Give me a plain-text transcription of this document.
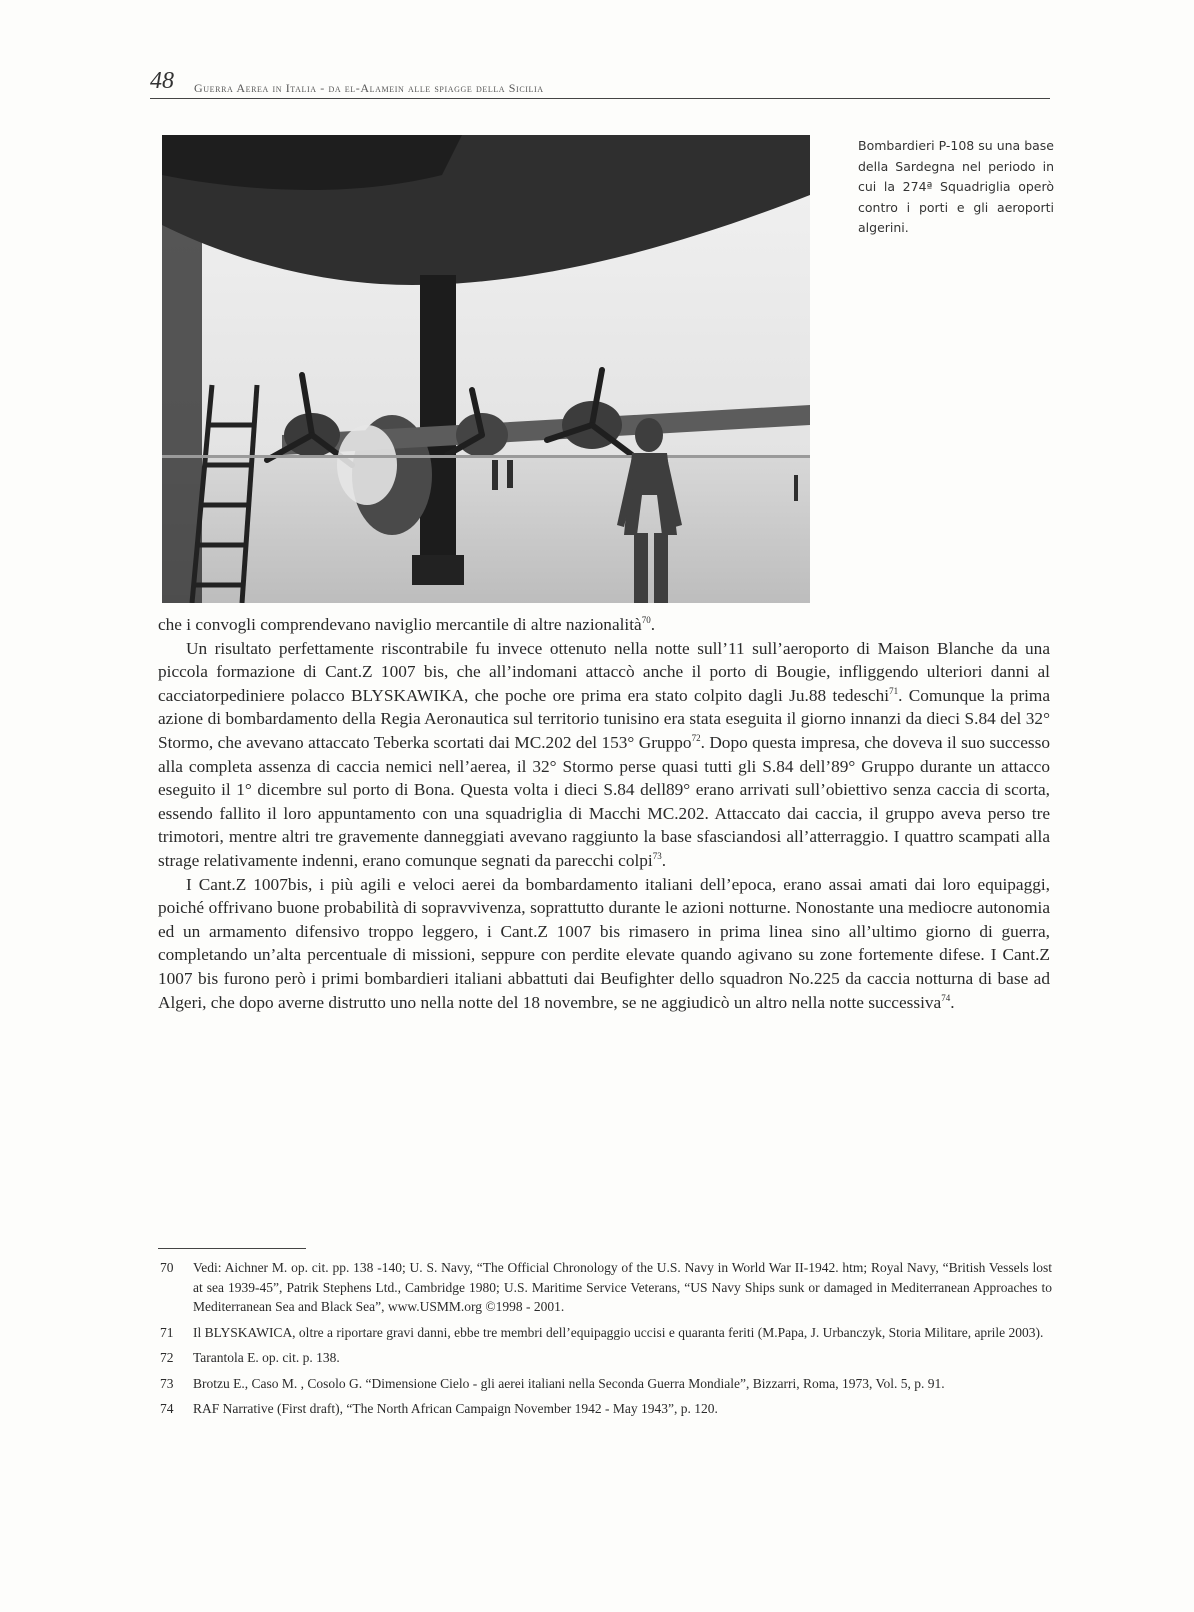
48 Guerra Aerea in Italia - da el-Alamein alle spiagge della Sicilia
Bombardieri P-108 su una base della Sardegna nel periodo in cui la 274ª Squadriglia operò contro i porti e gli aeroporti algerini.

che i convogli comprendevano naviglio mercantile di altre nazionalità$^{70}$.

Un risultato perfettamente riscontrabile fu invece ottenuto nella notte sull’11 sull’aeroporto di Maison Blanche da una piccola formazione di Cant.Z 1007 bis, che all’indomani attaccò anche il porto di Bougie, infliggendo ulteriori danni al cacciatorpediniere polacco BLYSKAWIKA, che poche ore prima era stato colpito dagli Ju.88 tedeschi$^{71}$. Comunque la prima azione di bombardamento della Regia Aeronautica sul territorio tunisino era stata eseguita il giorno innanzi da dieci S.84 del 32° Stormo, che avevano attaccato Teberka scortati dai MC.202 del 153° Gruppo$^{72}$. Dopo questa impresa, che doveva il suo successo alla completa assenza di caccia nemici nell’aerea, il 32° Stormo perse quasi tutti gli S.84 dell’89° Gruppo durante un attacco eseguito il 1° dicembre sul porto di Bona. Questa volta i dieci S.84 dell89° erano arrivati sull’obiettivo senza caccia di scorta, essendo fallito il loro appuntamento con una squadriglia di Macchi MC.202. Attaccato dai caccia, il gruppo aveva perso tre trimotori, mentre altri tre gravemente danneggiati avevano raggiunto la base sfasciandosi all’atterraggio. I quattro scampati alla strage relativamente indenni, erano comunque segnati da parecchi colpi$^{73}$.

I Cant.Z 1007bis, i più agili e veloci aerei da bombardamento italiani dell’epoca, erano assai amati dai loro equipaggi, poiché offrivano buone probabilità di sopravvivenza, soprattutto durante le azioni notturne. Nonostante una mediocre autonomia ed un armamento difensivo troppo leggero, i Cant.Z 1007 bis rimasero in prima linea sino all’ultimo giorno di guerra, completando un’alta percentuale di missioni, seppure con perdite elevate quando agivano su zone fortemente difese. I Cant.Z 1007 bis furono però i primi bombardieri italiani abbattuti dai Beufighter dello squadron No.225 da caccia notturna di base ad Algeri, che dopo averne distrutto uno nella notte del 18 novembre, se ne aggiudicò un altro nella notte successiva$^{74}$.

70 Vedi: Aichner M. op. cit. pp. 138 -140; U. S. Navy, “The Official Chronology of the U.S. Navy in World War II-1942. htm; Royal Navy, “British Vessels lost at sea 1939-45”, Patrik Stephens Ltd., Cambridge 1980; U.S. Maritime Service Veterans, “US Navy Ships sunk or damaged in Mediterranean Approaches to Mediterranean Sea and Black Sea”, www.USMM.org ©1998 - 2001.
71 Il BLYSKAWICA, oltre a riportare gravi danni, ebbe tre membri dell’equipaggio uccisi e quaranta feriti (M.Papa, J. Urbanczyk, Storia Militare, aprile 2003).
72 Tarantola E. op. cit. p. 138.
73 Brotzu E., Caso M. , Cosolo G. “Dimensione Cielo - gli aerei italiani nella Seconda Guerra Mondiale”, Bizzarri, Roma, 1973, Vol. 5, p. 91.
74 RAF Narrative (First draft), “The North African Campaign November 1942 - May 1943”, p. 120.
